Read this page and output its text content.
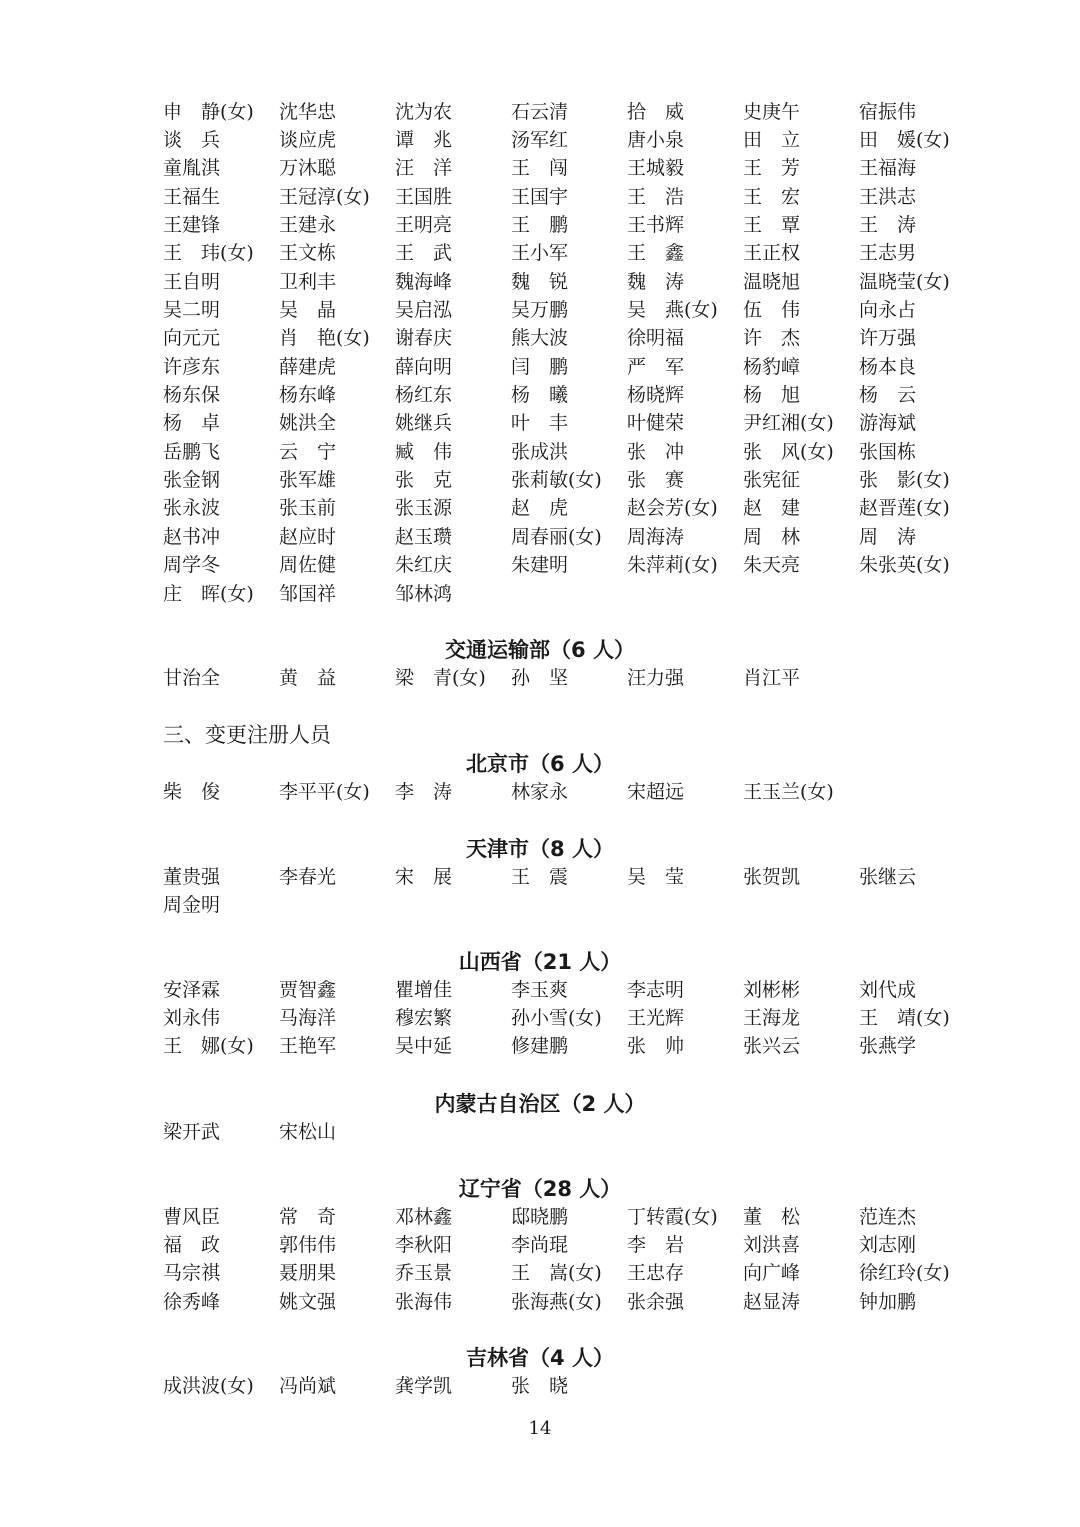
申　静(女)	沈华忠	沈为农	石云清	拾　威	史庚午	宿振伟
谈　兵	谈应虎	谭　兆	汤军红	唐小泉	田　立	田　媛(女)
童胤淇	万沐聪	汪　洋	王　闯	王城毅	王　芳	王福海
王福生	王冠淳(女)	王国胜	王国宇	王　浩	王　宏	王洪志
王建锋	王建永	王明亮	王　鹏	王书辉	王　覃	王　涛
王　玮(女)	王文栋	王　武	王小军	王　鑫	王正权	王志男
王自明	卫利丰	魏海峰	魏　锐	魏　涛	温晓旭	温晓莹(女)
吴二明	吴　晶	吴启泓	吴万鹏	吴　燕(女)	伍　伟	向永占
向元元	肖　艳(女)	谢春庆	熊大波	徐明福	许　杰	许万强
许彦东	薛建虎	薛向明	闫　鹏	严　军	杨豹嶂	杨本良
杨东保	杨东峰	杨红东	杨　曦	杨晓辉	杨　旭	杨　云
杨　卓	姚洪全	姚继兵	叶　丰	叶健荣	尹红湘(女)	游海斌
岳鹏飞	云　宁	臧　伟	张成洪	张　冲	张　风(女)	张国栋
张金钢	张军雄	张　克	张莉敏(女)	张　赛	张宪征	张　影(女)
张永波	张玉前	张玉源	赵　虎	赵会芳(女)	赵　建	赵晋莲(女)
赵书冲	赵应时	赵玉瓒	周春丽(女)	周海涛	周　林	周　涛
周学冬	周佐健	朱红庆	朱建明	朱萍莉(女)	朱天亮	朱张英(女)
庄　晖(女)	邹国祥	邹林鸿
交通运输部（6 人）
甘治全	黄　益	梁　青(女)	孙　坚	汪力强	肖江平
三、变更注册人员
北京市（6 人）
柴　俊	李平平(女)	李　涛	林家永	宋超远	王玉兰(女)
天津市（8 人）
董贵强	李春光	宋　展	王　震	吴　莹	张贺凯	张继云
周金明
山西省（21 人）
安泽霖	贾智鑫	瞿增佳	李玉爽	李志明	刘彬彬	刘代成
刘永伟	马海洋	穆宏繁	孙小雪(女)	王光辉	王海龙	王　靖(女)
王　娜(女)	王艳军	吴中延	修建鹏	张　帅	张兴云	张燕学
内蒙古自治区（2 人）
梁开武	宋松山
辽宁省（28 人）
曹风臣	常　奇	邓林鑫	邸晓鹏	丁转霞(女)	董　松	范连杰
福　政	郭伟伟	李秋阳	李尚琨	李　岩	刘洪喜	刘志刚
马宗祺	聂朋果	乔玉景	王　嵩(女)	王忠存	向广峰	徐红玲(女)
徐秀峰	姚文强	张海伟	张海燕(女)	张余强	赵显涛	钟加鹏
吉林省（4 人）
成洪波(女)	冯尚斌	龚学凯	张　晓
14
